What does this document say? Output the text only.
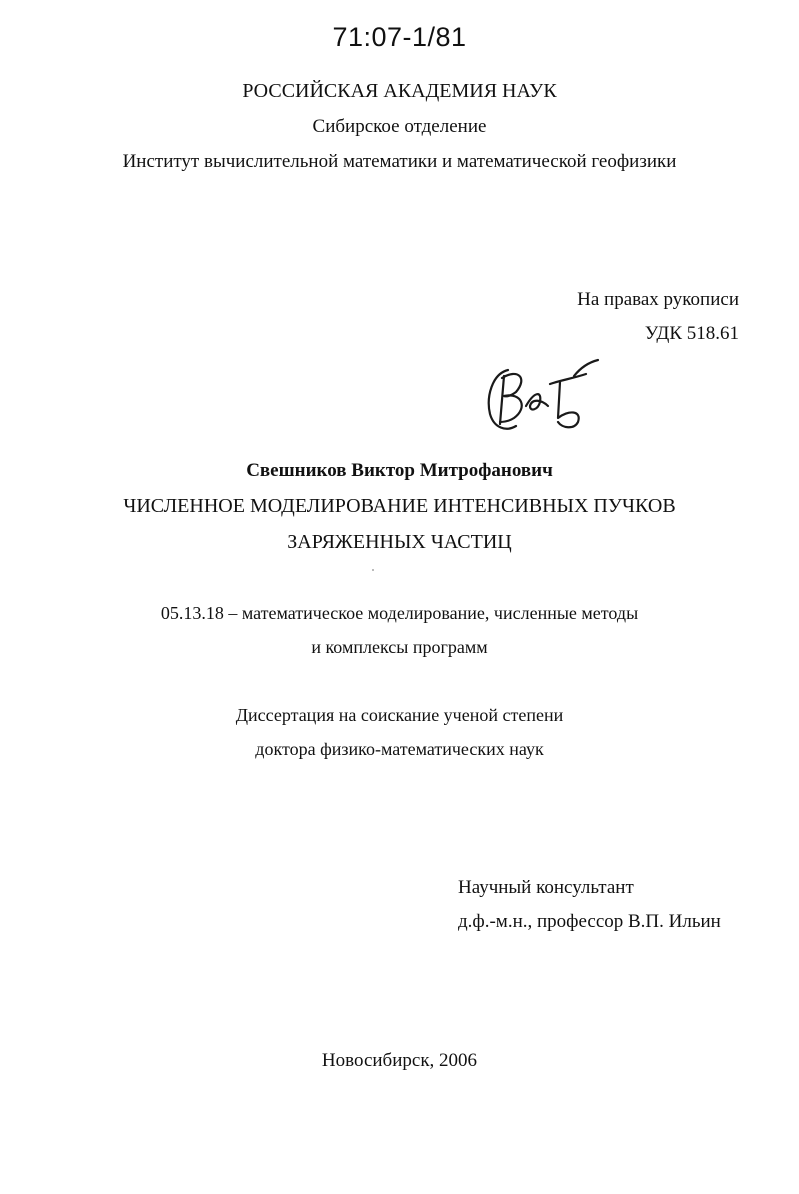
71:07-1/81
РОССИЙСКАЯ АКАДЕМИЯ НАУК
Сибирское отделение
Институт вычислительной математики и математической геофизики
На правах рукописи
УДК 518.61
Свешников Виктор Митрофанович
ЧИСЛЕННОЕ МОДЕЛИРОВАНИЕ ИНТЕНСИВНЫХ ПУЧКОВ
ЗАРЯЖЕННЫХ ЧАСТИЦ
05.13.18 – математическое моделирование, численные методы
и комплексы программ
Диссертация на соискание ученой степени
доктора физико-математических наук
Научный консультант
д.ф.-м.н., профессор В.П. Ильин
Новосибирск, 2006
